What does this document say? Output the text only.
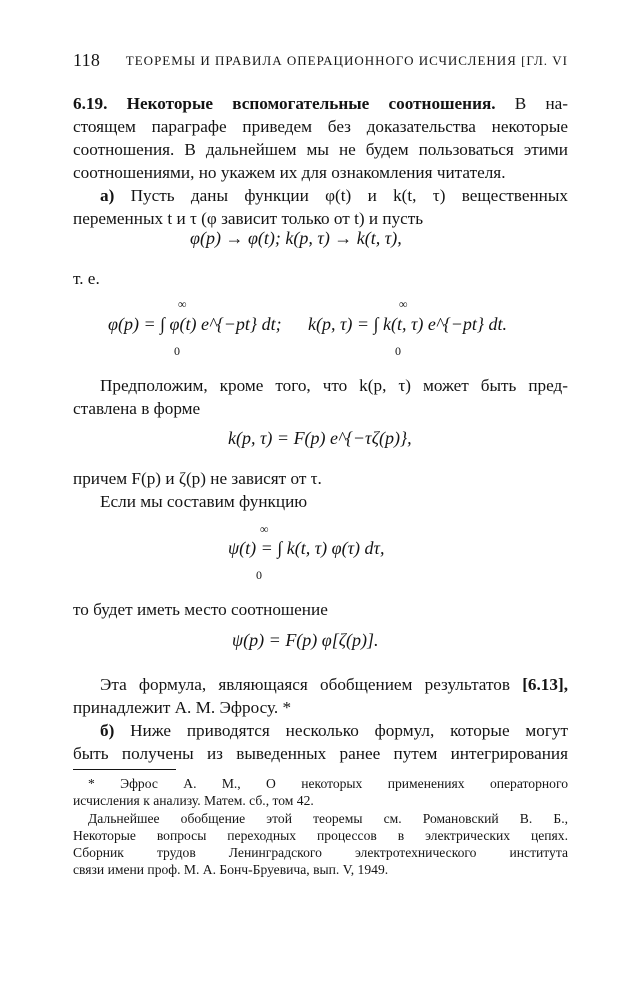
118 ТЕОРЕМЫ И ПРАВИЛА ОПЕРАЦИОННОГО ИСЧИСЛЕНИЯ [ГЛ. VI
6.19. Некоторые вспомогательные соотношения. В на-
стоящем параграфе приведем без доказательства некоторые
соотношения. В дальнейшем мы не будем пользоваться этими
соотношениями, но укажем их для ознакомления читателя.
а) Пусть даны функции φ(t) и k(t, τ) вещественных
переменных t и τ (φ зависит только от t) и пусть
φ(p) → φ(t); k(p, τ) → k(t, τ),
т. е.
φ(p) = ∫ φ(t) e^{−pt} dt; k(p, τ) = ∫ k(t, τ) e^{−pt} dt.
∞
0
∞
0
Предположим, кроме того, что k(p, τ) может быть пред-
ставлена в форме
k(p, τ) = F(p) e^{−τζ(p)},
причем F(p) и ζ(p) не зависят от τ.
Если мы составим функцию
ψ(t) = ∫ k(t, τ) φ(τ) dτ,
∞
0
то будет иметь место соотношение
ψ(p) = F(p) φ[ζ(p)].
Эта формула, являющаяся обобщением результатов [6.13],
принадлежит А. М. Эфросу. *
б) Ниже приводятся несколько формул, которые могут
быть получены из выведенных ранее путем интегрирования
* Эфрос А. М., О некоторых применениях операторного
исчисления к анализу. Матем. сб., том 42.
Дальнейшее обобщение этой теоремы см. Романовский В. Б.,
Некоторые вопросы переходных процессов в электрических цепях.
Сборник трудов Ленинградского электротехнического института
связи имени проф. М. А. Бонч-Бруевича, вып. V, 1949.
